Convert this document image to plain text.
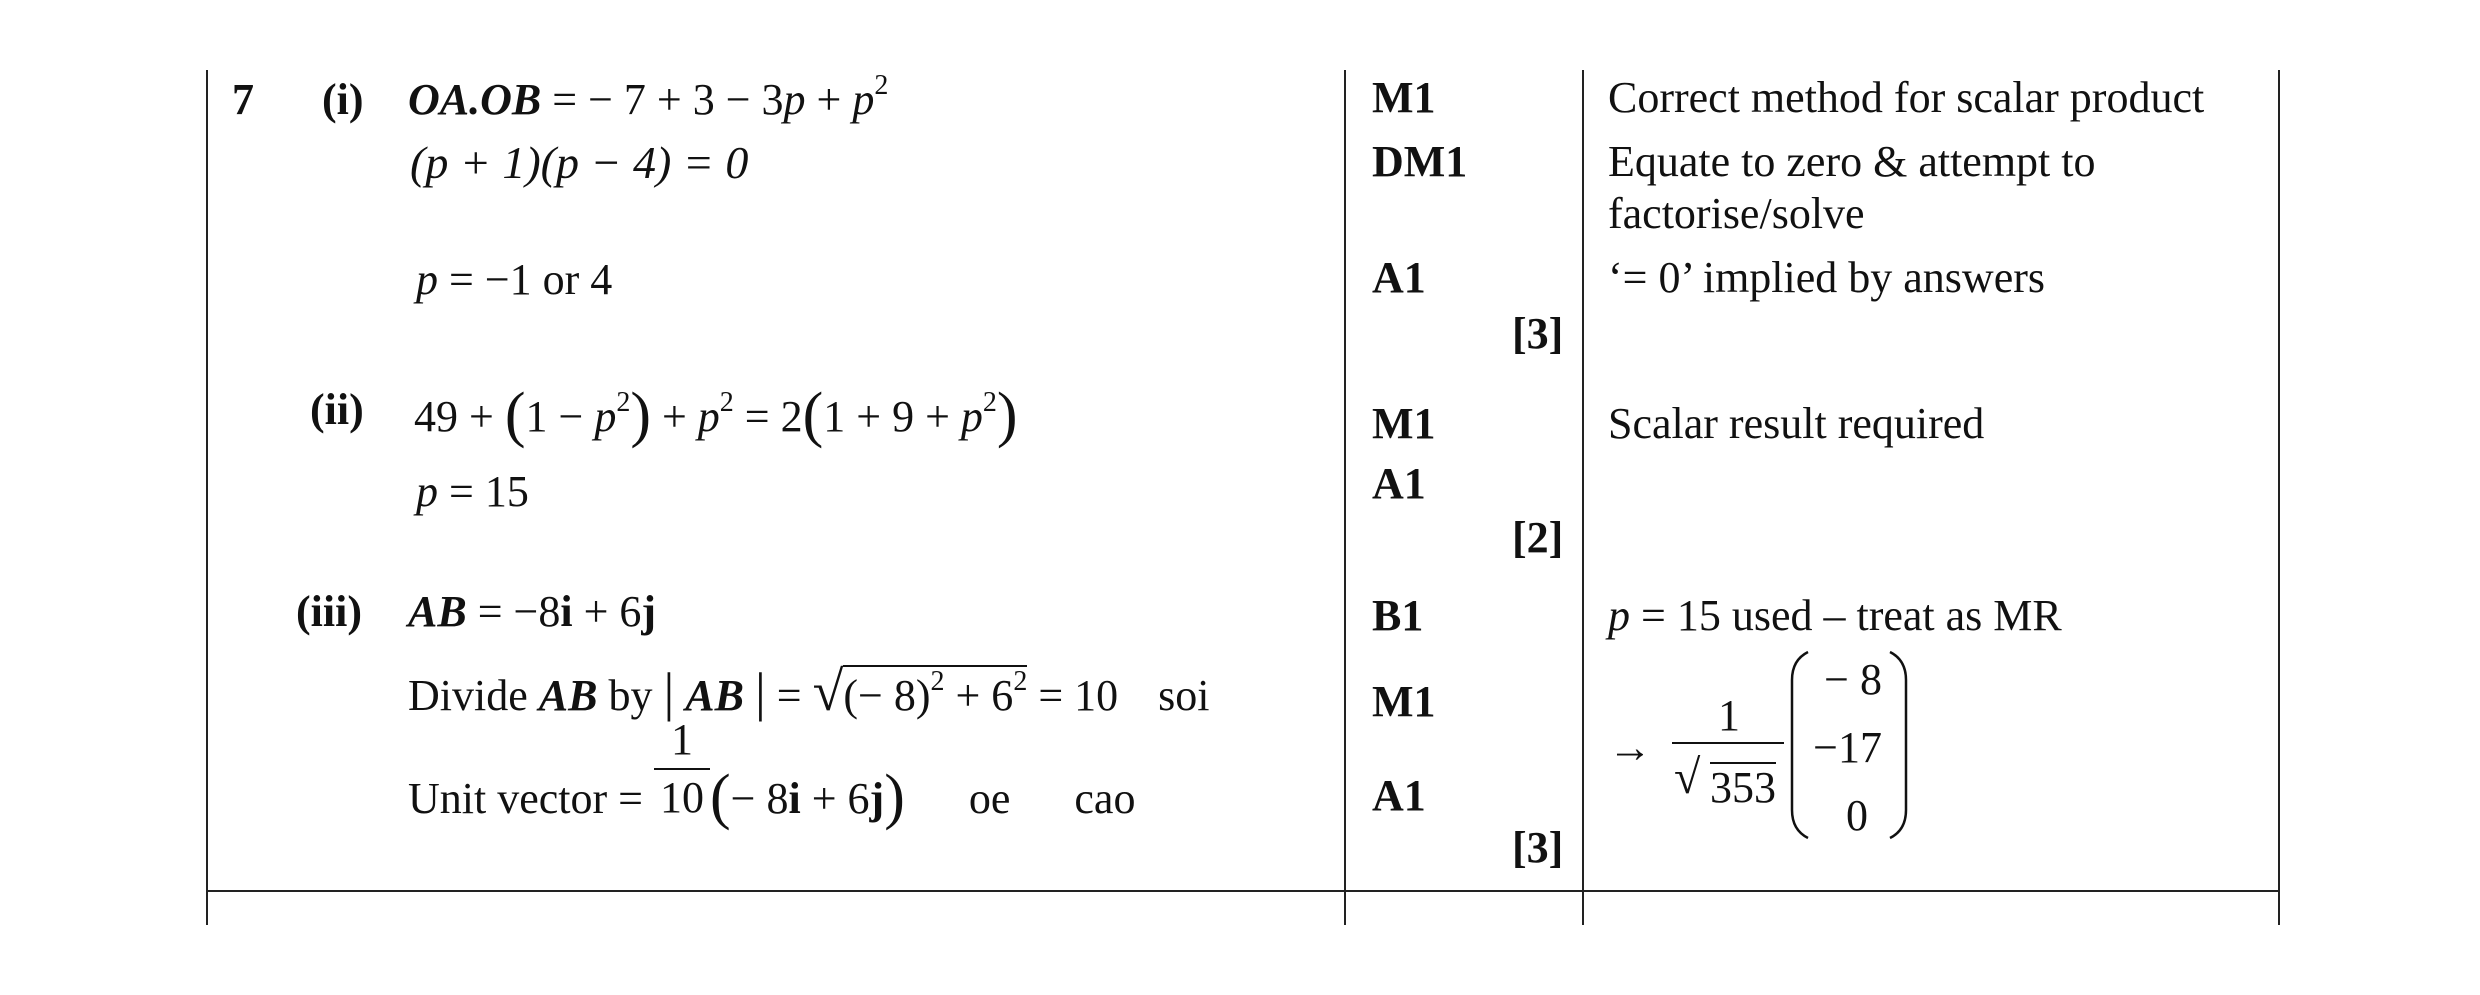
7 (i) OA.OB = − $7 + 3 - 3p + p^2$
(p + 1)(p − 4) = 0
p = −1 or 4
(ii) $49 + (1 - p^2) + p^2 = 2(1 + 9 + p^2)$
p = 15
(iii) AB = −8i + 6j
Divide AB by | AB | = √(− $8)^2 + 6^2 = 10$ soi
Unit vector = $\frac{1}{10}$ (− 8i + 6j) oe cao
M1
DM1
A1
[3]
M1
A1
[2]
B1
M1
A1
[3]
Correct method for scalar product
Equate to zero & attempt to
factorise/solve
‘= 0’ implied by answers
Scalar result required
p = 15 used – treat as MR
→
1
√ 353
− 8
−17
0
